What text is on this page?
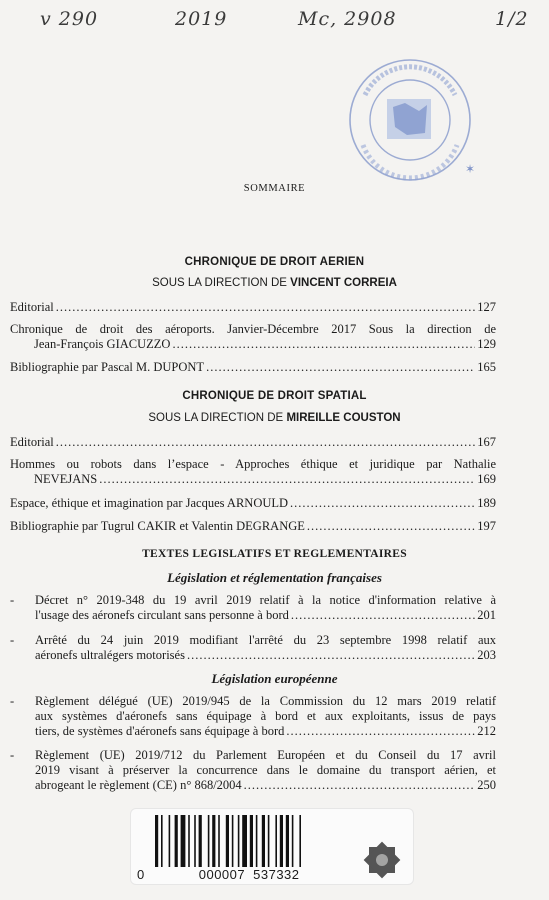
v 290	2019	Mc, 2908	1/2
✶
SOMMAIRE
CHRONIQUE DE DROIT AERIEN
SOUS LA DIRECTION DE VINCENT CORREIA
Editorial .....	127
Chronique de droit des aéroports. Janvier-Décembre 2017 Sous la direction de
Jean-François GIACUZZO .....	129
Bibliographie par Pascal M. DUPONT .....	165
CHRONIQUE DE DROIT SPATIAL
SOUS LA DIRECTION DE MIREILLE COUSTON
Editorial .....	167
Hommes ou robots dans l’espace - Approches éthique et juridique par Nathalie
NEVEJANS .....	169
Espace, éthique et imagination par Jacques ARNOULD .....	189
Bibliographie par Tugrul CAKIR et Valentin DEGRANGE .....	197
TEXTES LEGISLATIFS ET REGLEMENTAIRES
Législation et réglementation françaises
- Décret n° 2019-348 du 19 avril 2019 relatif à la notice d'information relative à
l'usage des aéronefs circulant sans personne à bord .....	201
- Arrêté du 24 juin 2019 modifiant l'arrêté du 23 septembre 1998 relatif aux
aéronefs ultralégers motorisés .....	203
Législation européenne
- Règlement délégué (UE) 2019/945 de la Commission du 12 mars 2019 relatif
aux systèmes d'aéronefs sans équipage à bord et aux exploitants, issus de pays
tiers, de systèmes d'aéronefs sans équipage à bord .....	212
- Règlement (UE) 2019/712 du Parlement Européen et du Conseil du 17 avril
2019 visant à préserver la concurrence dans le domaine du transport aérien, et
abrogeant le règlement (CE) n° 868/2004 .....	250
0	000007 537332
